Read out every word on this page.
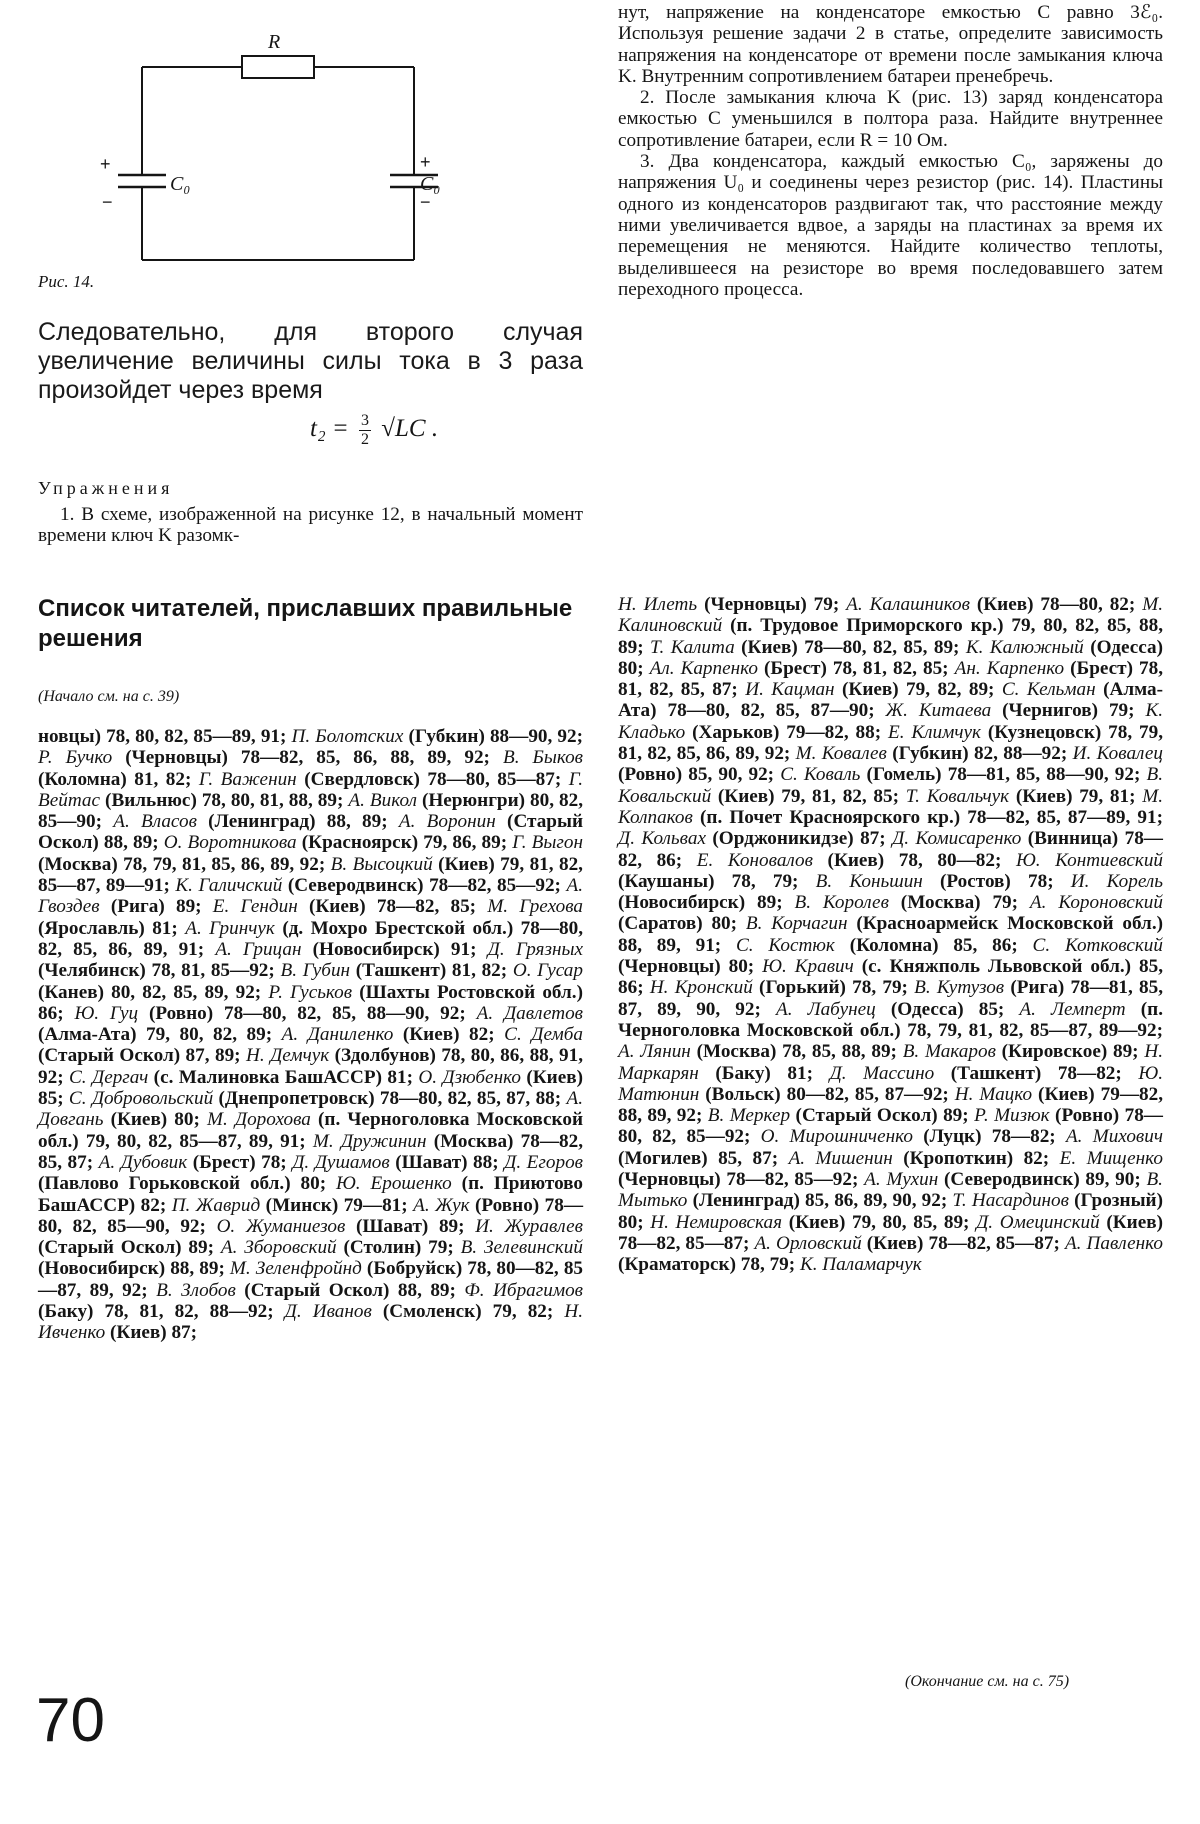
R
C₀	C₀
+
−
+
−
Рис. 14.
Следовательно, для второго случая увеличение величины силы тока в 3 раза произойдет через время
$t_2 = \frac{3}{2} √LC$ .
Упражнения

1. В схеме, изображенной на рисунке 12, в начальный момент времени ключ K разомк-

нут, напряжение на конденсаторе емкостью C равно 3ℰ₀. Используя решение задачи 2 в статье, определите зависимость напряжения на конденсаторе от времени после замыкания ключа K. Внутренним сопротивлением батареи пренебречь.

2. После замыкания ключа K (рис. 13) заряд конденсатора емкостью C уменьшился в полтора раза. Найдите внутреннее сопротивление батареи, если R = 10 Ом.

3. Два конденсатора, каждый емкостью C₀, заряжены до напряжения U₀ и соединены через резистор (рис. 14). Пластины одного из конденсаторов раздвигают так, что расстояние между ними увеличивается вдвое, а заряды на пластинах за время их перемещения не меняются. Найдите количество теплоты, выделившееся на резисторе во время последовавшего затем переходного процесса.

Список читателей, приславших правильные решения
(Начало см. на с. 39)
новцы) 78, 80, 82, 85—89, 91; П. Болотских (Губкин) 88—90, 92; Р. Бучко (Черновцы) 78—82, 85, 86, 88, 89, 92; В. Быков (Коломна) 81, 82; Г. Важенин (Свердловск) 78—80, 85—87; Г. Вейтас (Вильнюс) 78, 80, 81, 88, 89; А. Викол (Нерюнгри) 80, 82, 85—90; А. Власов (Ленинград) 88, 89; А. Воронин (Старый Оскол) 88, 89; О. Воротникова (Красноярск) 79, 86, 89; Г. Выгон (Москва) 78, 79, 81, 85, 86, 89, 92; В. Высоцкий (Киев) 79, 81, 82, 85—87, 89—91; К. Галичский (Северодвинск) 78—82, 85—92; А. Гвоздев (Рига) 89; Е. Гендин (Киев) 78—82, 85; М. Грехова (Ярославль) 81; А. Гринчук (д. Мохро Брестской обл.) 78—80, 82, 85, 86, 89, 91; А. Грицан (Новосибирск) 91; Д. Грязных (Челябинск) 78, 81, 85—92; В. Губин (Ташкент) 81, 82; О. Гусар (Канев) 80, 82, 85, 89, 92; Р. Гуськов (Шахты Ростовской обл.) 86; Ю. Гуц (Ровно) 78—80, 82, 85, 88—90, 92; А. Давлетов (Алма-Ата) 79, 80, 82, 89; А. Даниленко (Киев) 82; С. Демба (Старый Оскол) 87, 89; Н. Демчук (Здолбунов) 78, 80, 86, 88, 91, 92; С. Дергач (с. Малиновка БашАССР) 81; О. Дзюбенко (Киев) 85; С. Добровольский (Днепропетровск) 78—80, 82, 85, 87, 88; А. Довгань (Киев) 80; М. Дорохова (п. Черноголовка Московской обл.) 79, 80, 82, 85—87, 89, 91; М. Дружинин (Москва) 78—82, 85, 87; А. Дубовик (Брест) 78; Д. Душамов (Шават) 88; Д. Егоров (Павлово Горьковской обл.) 80; Ю. Ерошенко (п. Приютово БашАССР) 82; П. Жаврид (Минск) 79—81; А. Жук (Ровно) 78—80, 82, 85—90, 92; О. Жуманиезов (Шават) 89; И. Журавлев (Старый Оскол) 89; А. Зборовский (Столин) 79; В. Зелевинский (Новосибирск) 88, 89; М. Зеленфройнд (Бобруйск) 78, 80—82, 85—87, 89, 92; В. Злобов (Старый Оскол) 88, 89; Ф. Ибрагимов (Баку) 78, 81, 82, 88—92; Д. Иванов (Смоленск) 79, 82; Н. Ивченко (Киев) 87;
Н. Илеть (Черновцы) 79; А. Калашников (Киев) 78—80, 82; М. Калиновский (п. Трудовое Приморского кр.) 79, 80, 82, 85, 88, 89; Т. Калита (Киев) 78—80, 82, 85, 89; К. Калюжный (Одесса) 80; Ал. Карпенко (Брест) 78, 81, 82, 85; Ан. Карпенко (Брест) 78, 81, 82, 85, 87; И. Кацман (Киев) 79, 82, 89; С. Кельман (Алма-Ата) 78—80, 82, 85, 87—90; Ж. Китаева (Чернигов) 79; К. Кладько (Харьков) 79—82, 88; Е. Климчук (Кузнецовск) 78, 79, 81, 82, 85, 86, 89, 92; М. Ковалев (Губкин) 82, 88—92; И. Ковалец (Ровно) 85, 90, 92; С. Коваль (Гомель) 78—81, 85, 88—90, 92; В. Ковальский (Киев) 79, 81, 82, 85; Т. Ковальчук (Киев) 79, 81; М. Колпаков (п. Почет Красноярского кр.) 78—82, 85, 87—89, 91; Д. Кольвах (Орджоникидзе) 87; Д. Комисаренко (Винница) 78—82, 86; Е. Коновалов (Киев) 78, 80—82; Ю. Контиевский (Каушаны) 78, 79; В. Коньшин (Ростов) 78; И. Корель (Новосибирск) 89; В. Королев (Москва) 79; А. Короновский (Саратов) 80; В. Корчагин (Красноармейск Московской обл.) 88, 89, 91; С. Костюк (Коломна) 85, 86; С. Котковский (Черновцы) 80; Ю. Кравич (с. Княжполь Львовской обл.) 85, 86; Н. Кронский (Горький) 78, 79; В. Кутузов (Рига) 78—81, 85, 87, 89, 90, 92; А. Лабунец (Одесса) 85; А. Лемперт (п. Черноголовка Московской обл.) 78, 79, 81, 82, 85—87, 89—92; А. Лянин (Москва) 78, 85, 88, 89; В. Макаров (Кировское) 89; Н. Маркарян (Баку) 81; Д. Массино (Ташкент) 78—82; Ю. Матюнин (Вольск) 80—82, 85, 87—92; Н. Мацко (Киев) 79—82, 88, 89, 92; В. Меркер (Старый Оскол) 89; Р. Мизюк (Ровно) 78—80, 82, 85—92; О. Мирошниченко (Луцк) 78—82; А. Михович (Могилев) 85, 87; А. Мишенин (Кропоткин) 82; Е. Мищенко (Черновцы) 78—82, 85—92; А. Мухин (Северодвинск) 89, 90; В. Мытько (Ленинград) 85, 86, 89, 90, 92; Т. Насардинов (Грозный) 80; Н. Немировская (Киев) 79, 80, 85, 89; Д. Омецинский (Киев) 78—82, 85—87; А. Орловский (Киев) 78—82, 85—87; А. Павленко (Краматорск) 78, 79; К. Паламарчук
(Окончание см. на с. 75)
70
